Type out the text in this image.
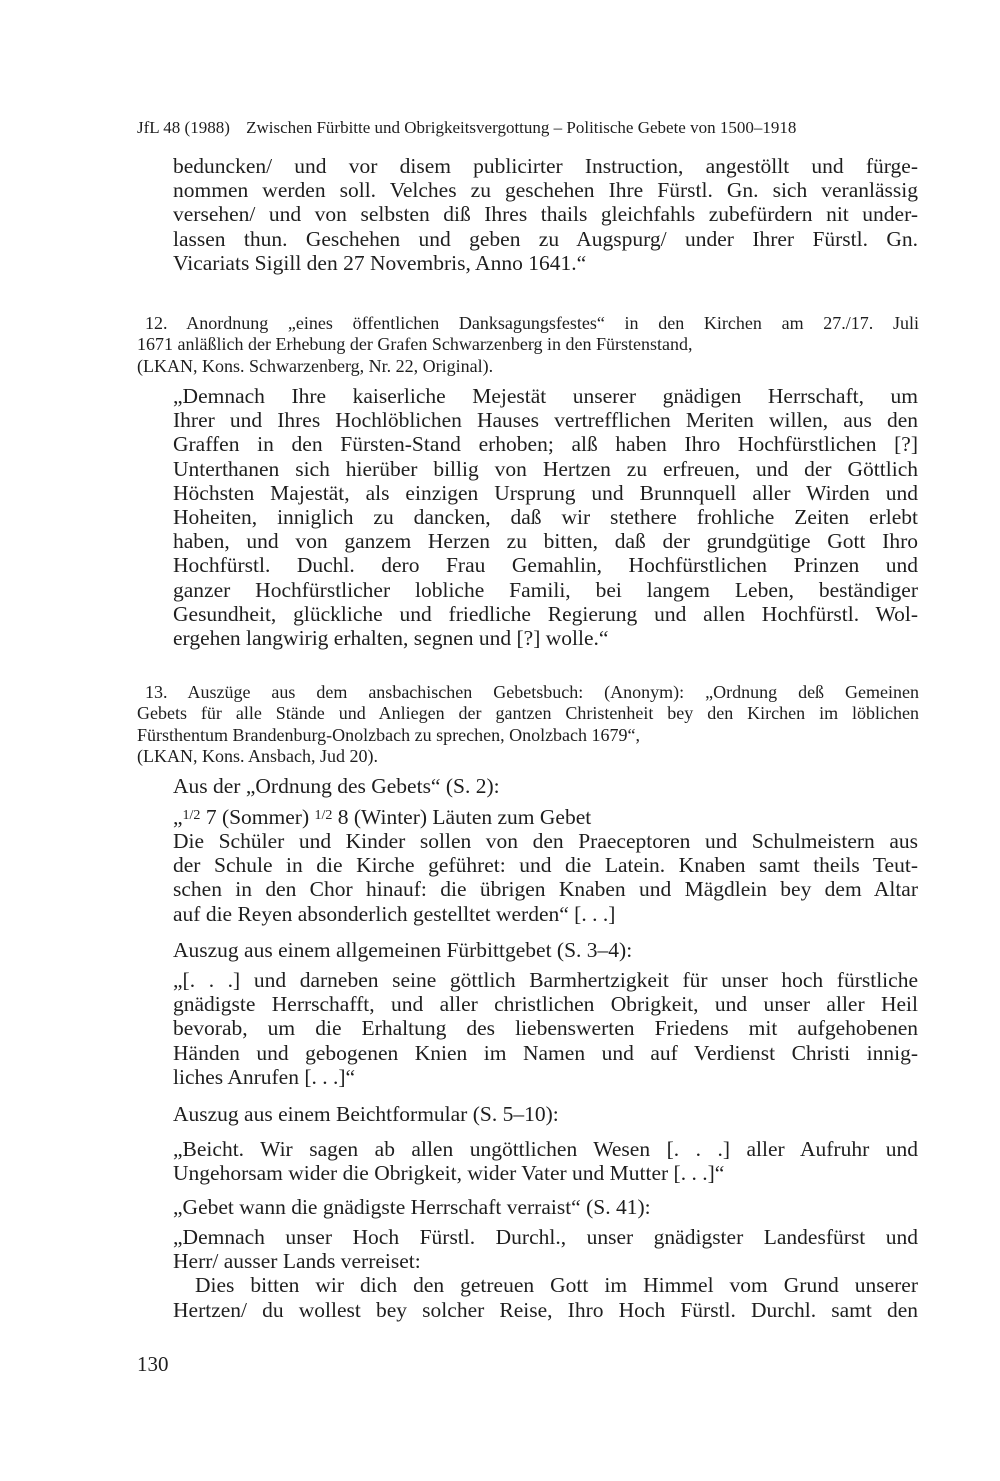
JfL 48 (1988) Zwischen Fürbitte und Obrigkeitsvergottung – Politische Gebete von 1500–1918
beduncken/ und vor disem publicirter Instruction, angestöllt und fürge-
nommen werden soll. Velches zu geschehen Ihre Fürstl. Gn. sich veranlässig
versehen/ und von selbsten diß Ihres thails gleichfahls zubefürdern nit under-
lassen thun. Geschehen und geben zu Augspurg/ under Ihrer Fürstl. Gn.
Vicariats Sigill den 27 Novembris, Anno 1641.“
12. Anordnung „eines öffentlichen Danksagungsfestes“ in den Kirchen am 27./17. Juli
1671 anläßlich der Erhebung der Grafen Schwarzenberg in den Fürstenstand,
(LKAN, Kons. Schwarzenberg, Nr. 22, Original).
„Demnach Ihre kaiserliche Mejestät unserer gnädigen Herrschaft, um
Ihrer und Ihres Hochlöblichen Hauses vertrefflichen Meriten willen, aus den
Graffen in den Fürsten-Stand erhoben; alß haben Ihro Hochfürstlichen [?]
Unterthanen sich hierüber billig von Hertzen zu erfreuen, und der Göttlich
Höchsten Majestät, als einzigen Ursprung und Brunnquell aller Wirden und
Hoheiten, inniglich zu dancken, daß wir stethere frohliche Zeiten erlebt
haben, und von ganzem Herzen zu bitten, daß der grundgütige Gott Ihro
Hochfürstl. Duchl. dero Frau Gemahlin, Hochfürstlichen Prinzen und
ganzer Hochfürstlicher lobliche Famili, bei langem Leben, beständiger
Gesundheit, glückliche und friedliche Regierung und allen Hochfürstl. Wol-
ergehen langwirig erhalten, segnen und [?] wolle.“
13. Auszüge aus dem ansbachischen Gebetsbuch: (Anonym): „Ordnung deß Gemeinen
Gebets für alle Stände und Anliegen der gantzen Christenheit bey den Kirchen im löblichen
Fürsthentum Brandenburg-Onolzbach zu sprechen, Onolzbach 1679“,
(LKAN, Kons. Ansbach, Jud 20).
Aus der „Ordnung des Gebets“ (S. 2):
„$^{1/2}$ 7 (Sommer) $^{1/2}$ 8 (Winter) Läuten zum Gebet
Die Schüler und Kinder sollen von den Praeceptoren und Schulmeistern aus
der Schule in die Kirche geführet: und die Latein. Knaben samt theils Teut-
schen in den Chor hinauf: die übrigen Knaben und Mägdlein bey dem Altar
auf die Reyen absonderlich gestelltet werden“ [. . .]
Auszug aus einem allgemeinen Fürbittgebet (S. 3–4):
„[. . .] und darneben seine göttlich Barmhertzigkeit für unser hoch fürstliche
gnädigste Herrschafft, und aller christlichen Obrigkeit, und unser aller Heil
bevorab, um die Erhaltung des liebenswerten Friedens mit aufgehobenen
Händen und gebogenen Knien im Namen und auf Verdienst Christi innig-
liches Anrufen [. . .]“
Auszug aus einem Beichtformular (S. 5–10):
„Beicht. Wir sagen ab allen ungöttlichen Wesen [. . .] aller Aufruhr und
Ungehorsam wider die Obrigkeit, wider Vater und Mutter [. . .]“
„Gebet wann die gnädigste Herrschaft verraist“ (S. 41):
„Demnach unser Hoch Fürstl. Durchl., unser gnädigster Landesfürst und
Herr/ ausser Lands verreiset:
Dies bitten wir dich den getreuen Gott im Himmel vom Grund unserer
Hertzen/ du wollest bey solcher Reise, Ihro Hoch Fürstl. Durchl. samt den
130
